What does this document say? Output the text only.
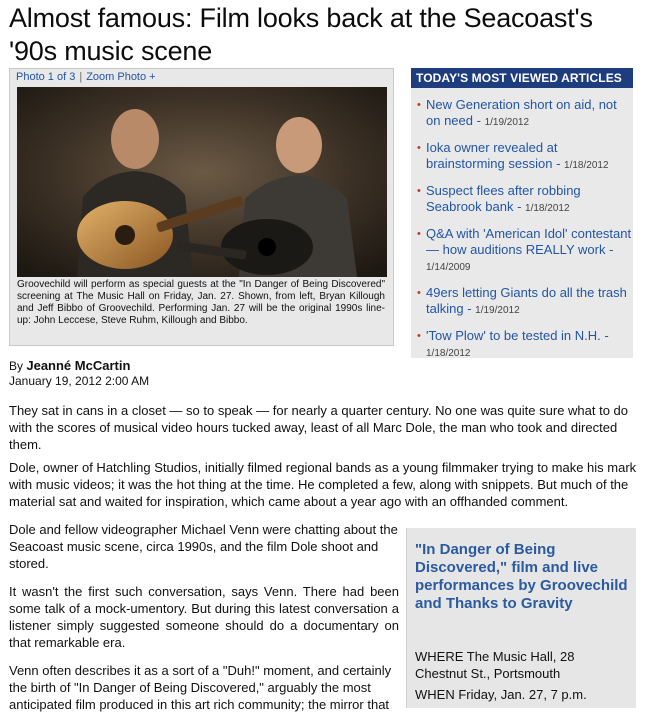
Almost famous: Film looks back at the Seacoast's '90s music scene
Photo 1 of 3 | Zoom Photo +
Groovechild will perform as special guests at the "In Danger of Being Discovered" screening at The Music Hall on Friday, Jan. 27. Shown, from left, Bryan Killough and Jeff Bibbo of Groovechild. Performing Jan. 27 will be the original 1990s line-up: John Leccese, Steve Ruhm, Killough and Bibbo.
TODAY'S MOST VIEWED ARTICLES
• New Generation short on aid, not on need - 1/19/2012
• Ioka owner revealed at brainstorming session - 1/18/2012
• Suspect flees after robbing Seabrook bank - 1/18/2012
• Q&A with 'American Idol' contestant — how auditions REALLY work - 1/14/2009
• 49ers letting Giants do all the trash talking - 1/19/2012
• 'Tow Plow' to be tested in N.H. - 1/18/2012
By Jeanné McCartin
January 19, 2012 2:00 AM

They sat in cans in a closet — so to speak — for nearly a quarter century. No one was quite sure what to do with the scores of musical video hours tucked away, least of all Marc Dole, the man who took and directed them.

Dole, owner of Hatchling Studios, initially filmed regional bands as a young filmmaker trying to make his mark with music videos; it was the hot thing at the time. He completed a few, along with snippets. But much of the material sat and waited for inspiration, which came about a year ago with an offhanded comment.

Dole and fellow videographer Michael Venn were chatting about the Seacoast music scene, circa 1990s, and the film Dole shoot and stored.

It wasn't the first such conversation, says Venn. There had been some talk of a mock-umentory. But during this latest conversation a listener simply suggested someone should do a documentary on that remarkable era.

Venn often describes it as a sort of a "Duh!" moment, and certainly the birth of "In Danger of Being Discovered," arguably the most anticipated film produced in this art rich community; the mirror that

"In Danger of Being Discovered," film and live performances by Groovechild and Thanks to Gravity
WHERE The Music Hall, 28 Chestnut St., Portsmouth
WHEN Friday, Jan. 27, 7 p.m.
